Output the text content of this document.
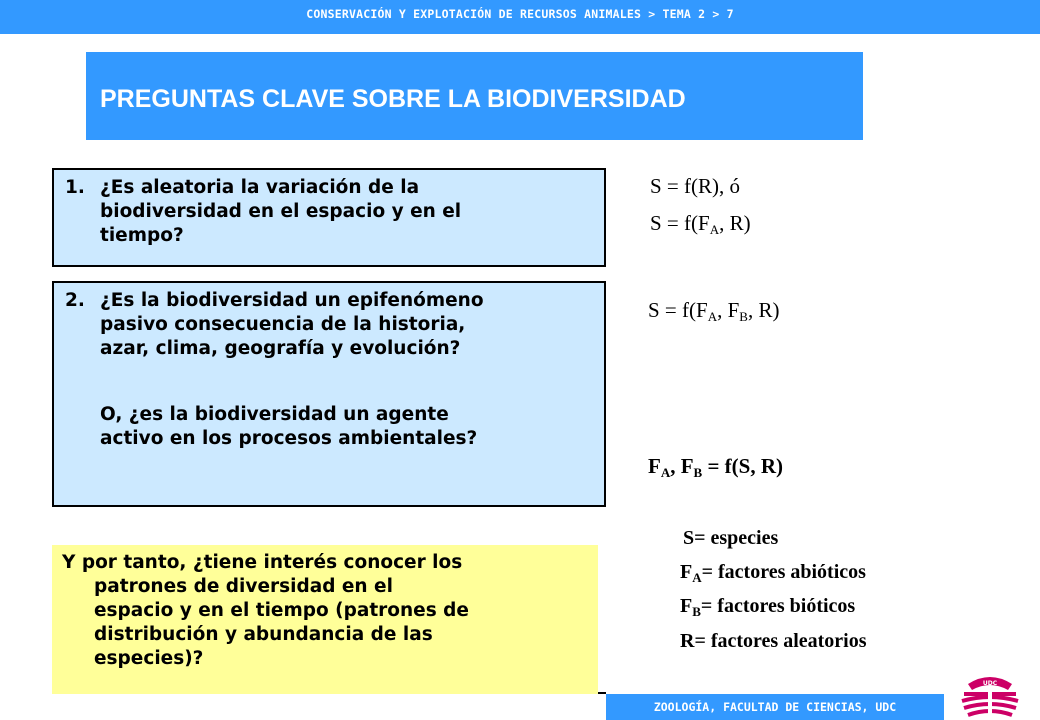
CONSERVACIÓN Y EXPLOTACIÓN DE RECURSOS ANIMALES > TEMA 2 > 7
PREGUNTAS CLAVE SOBRE LA BIODIVERSIDAD
1. ¿Es aleatoria la variación de la
biodiversidad en el espacio y en el
tiempo?
2. ¿Es la biodiversidad un epifenómeno
pasivo consecuencia de la historia,
azar, clima, geografía y evolución?
O, ¿es la biodiversidad un agente
activo en los procesos ambientales?
Y por tanto, ¿tiene interés conocer los
patrones de diversidad en el
espacio y en el tiempo (patrones de
distribución y abundancia de las
especies)?
S = f(R), ó
$S = f(F_A$, R)
$S = f(F_A$, $F_B$, R)
$F_A$, $F_B = f(S$, R)
S= especies
$F_A=$ factores abióticos
$F_B=$ factores bióticos
R= factores aleatorios
ZOOLOGÍA, FACULTAD DE CIENCIAS, UDC
UDC
